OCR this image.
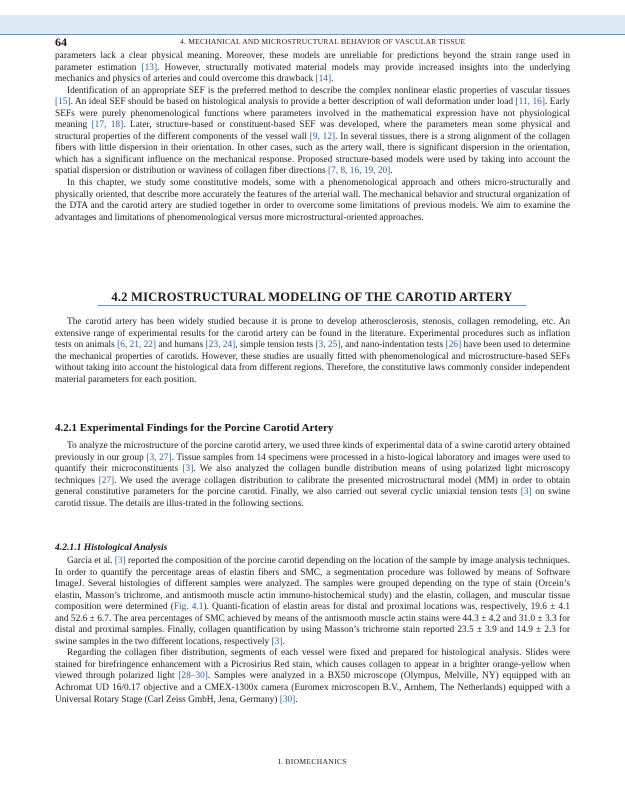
64	4. MECHANICAL AND MICROSTRUCTURAL BEHAVIOR OF VASCULAR TISSUE

parameters lack a clear physical meaning. Moreover, these models are unreliable for predictions beyond the strain range used in parameter estimation [13]. However, structurally motivated material models may provide increased insights into the underlying mechanics and physics of arteries and could overcome this drawback [14].

Identification of an appropriate SEF is the preferred method to describe the complex nonlinear elastic properties of vascular tissues [15]. An ideal SEF should be based on histological analysis to provide a better description of wall deformation under load [11, 16]. Early SEFs were purely phenomenological functions where parameters involved in the mathematical expression have not physiological meaning [17, 18]. Later, structure-based or constituent-based SEF was developed, where the parameters mean some physical and structural properties of the different components of the vessel wall [9, 12]. In several tissues, there is a strong alignment of the collagen fibers with little dispersion in their orientation. In other cases, such as the artery wall, there is significant dispersion in the orientation, which has a significant influence on the mechanical response. Proposed structure-based models were used by taking into account the spatial dispersion or distribution or waviness of collagen fiber directions [7, 8, 16, 19, 20].

In this chapter, we study some constitutive models, some with a phenomenological approach and others micro-structurally and physically oriented, that describe more accurately the features of the arterial wall. The mechanical behavior and structural organization of the DTA and the carotid artery are studied together in order to overcome some limitations of previous models. We aim to examine the advantages and limitations of phenomenological versus more microstructural-oriented approaches.

4.2 MICROSTRUCTURAL MODELING OF THE CAROTID ARTERY

The carotid artery has been widely studied because it is prone to develop atherosclerosis, stenosis, collagen remodeling, etc. An extensive range of experimental results for the carotid artery can be found in the literature. Experimental procedures such as inflation tests on animals [6, 21, 22] and humans [23, 24], simple tension tests [3, 25], and nano-indentation tests [26] have been used to determine the mechanical properties of carotids. However, these studies are usually fitted with phenomenological and microstructure-based SEFs without taking into account the histological data from different regions. Therefore, the constitutive laws commonly consider independent material parameters for each position.

4.2.1 Experimental Findings for the Porcine Carotid Artery

To analyze the microstructure of the porcine carotid artery, we used three kinds of experimental data of a swine carotid artery obtained previously in our group [3, 27]. Tissue samples from 14 specimens were processed in a histo-logical laboratory and images were used to quantify their microconstituents [3]. We also analyzed the collagen bundle distribution means of using polarized light microscopy techniques [27]. We used the average collagen distribution to calibrate the presented microstructural model (MM) in order to obtain general constitutive parameters for the porcine carotid. Finally, we also carried out several cyclic uniaxial tension tests [3] on swine carotid tissue. The details are illus-trated in the following sections.

4.2.1.1 Histological Analysis

García et al. [3] reported the composition of the porcine carotid depending on the location of the sample by image analysis techniques. In order to quantify the percentage areas of elastin fibers and SMC, a segmentation procedure was followed by means of Software ImageJ. Several histologies of different samples were analyzed. The samples were grouped depending on the type of stain (Orcein’s elastin, Masson’s trichrome, and antismooth muscle actin immuno-histochemical study) and the elastin, collagen, and muscular tissue composition were determined (Fig. 4.1). Quanti-fication of elastin areas for distal and proximal locations was, respectively, 19.6 ± 4.1 and 52.6 ± 6.7. The area percentages of SMC achieved by means of the antismooth muscle actin stains were 44.3 ± 4.2 and 31.0 ± 3.3 for distal and proximal samples. Finally, collagen quantification by using Masson’s trichrome stain reported 23.5 ± 3.9 and 14.9 ± 2.3 for swine samples in the two different locations, respectively [3].

Regarding the collagen fiber distribution, segments of each vessel were fixed and prepared for histological analysis. Slides were stained for birefringence enhancement with a Picrosirius Red stain, which causes collagen to appear in a brighter orange-yellow when viewed through polarized light [28–30]. Samples were analyzed in a BX50 microscope (Olympus, Melville, NY) equipped with an Achromat UD 16/0.17 objective and a CMEX-1300x camera (Euromex microscopen B.V., Arnhem, The Netherlands) equipped with a Universal Rotary Stage (Carl Zeiss GmbH, Jena, Germany) [30].

I. BIOMECHANICS
